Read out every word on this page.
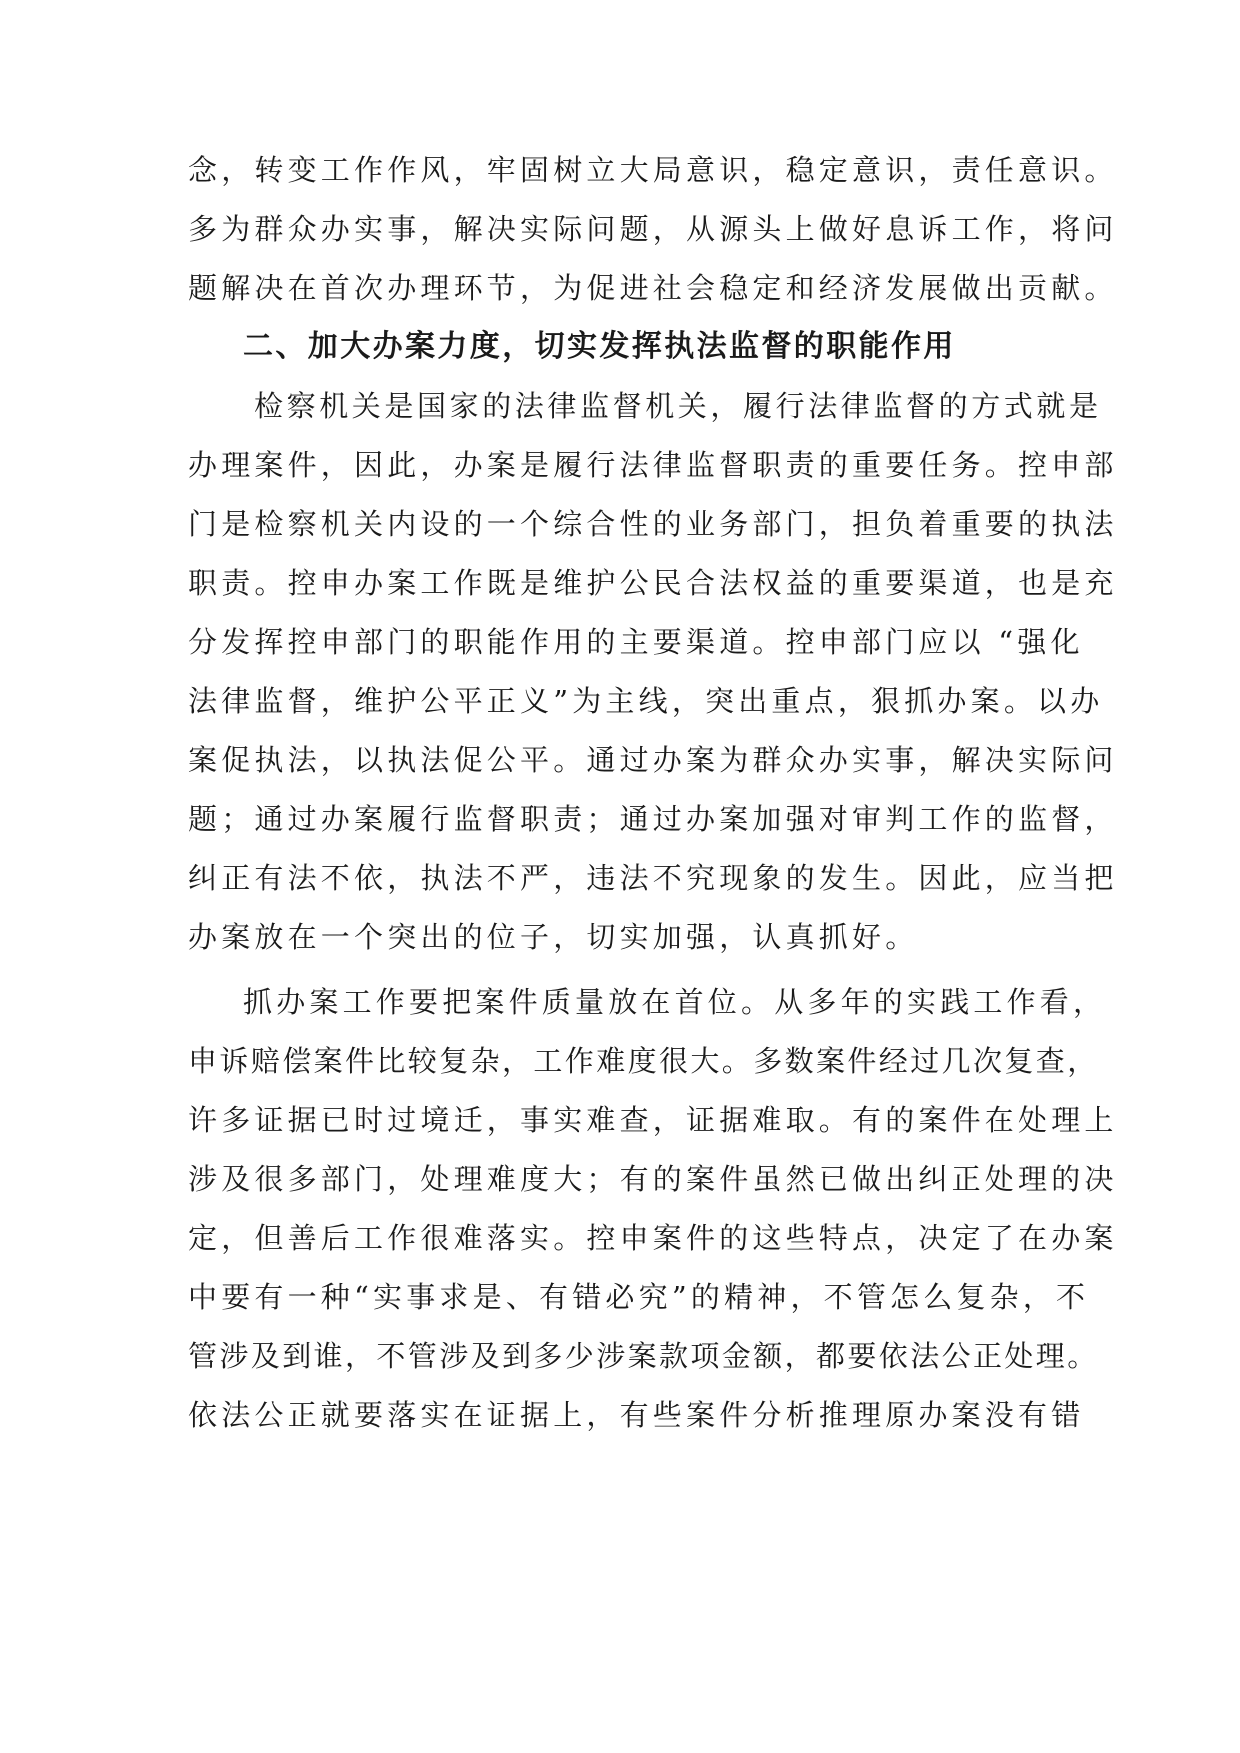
念，转变工作作风，牢固树立大局意识，稳定意识，责任意识。
多为群众办实事，解决实际问题，从源头上做好息诉工作，将问
题解决在首次办理环节，为促进社会稳定和经济发展做出贡献。
二、加大办案力度，切实发挥执法监督的职能作用
检察机关是国家的法律监督机关，履行法律监督的方式就是
办理案件，因此，办案是履行法律监督职责的重要任务。控申部
门是检察机关内设的一个综合性的业务部门，担负着重要的执法
职责。控申办案工作既是维护公民合法权益的重要渠道，也是充
分发挥控申部门的职能作用的主要渠道。控申部门应以 “强化
法律监督，维护公平正义”为主线，突出重点，狠抓办案。以办
案促执法，以执法促公平。通过办案为群众办实事，解决实际问
题；通过办案履行监督职责；通过办案加强对审判工作的监督，
纠正有法不依，执法不严，违法不究现象的发生。因此，应当把
办案放在一个突出的位子，切实加强，认真抓好。
抓办案工作要把案件质量放在首位。从多年的实践工作看，
申诉赔偿案件比较复杂，工作难度很大。多数案件经过几次复查，
许多证据已时过境迁，事实难查，证据难取。有的案件在处理上
涉及很多部门，处理难度大；有的案件虽然已做出纠正处理的决
定，但善后工作很难落实。控申案件的这些特点，决定了在办案
中要有一种“实事求是、有错必究”的精神，不管怎么复杂，不
管涉及到谁，不管涉及到多少涉案款项金额，都要依法公正处理。
依法公正就要落实在证据上，有些案件分析推理原办案没有错
